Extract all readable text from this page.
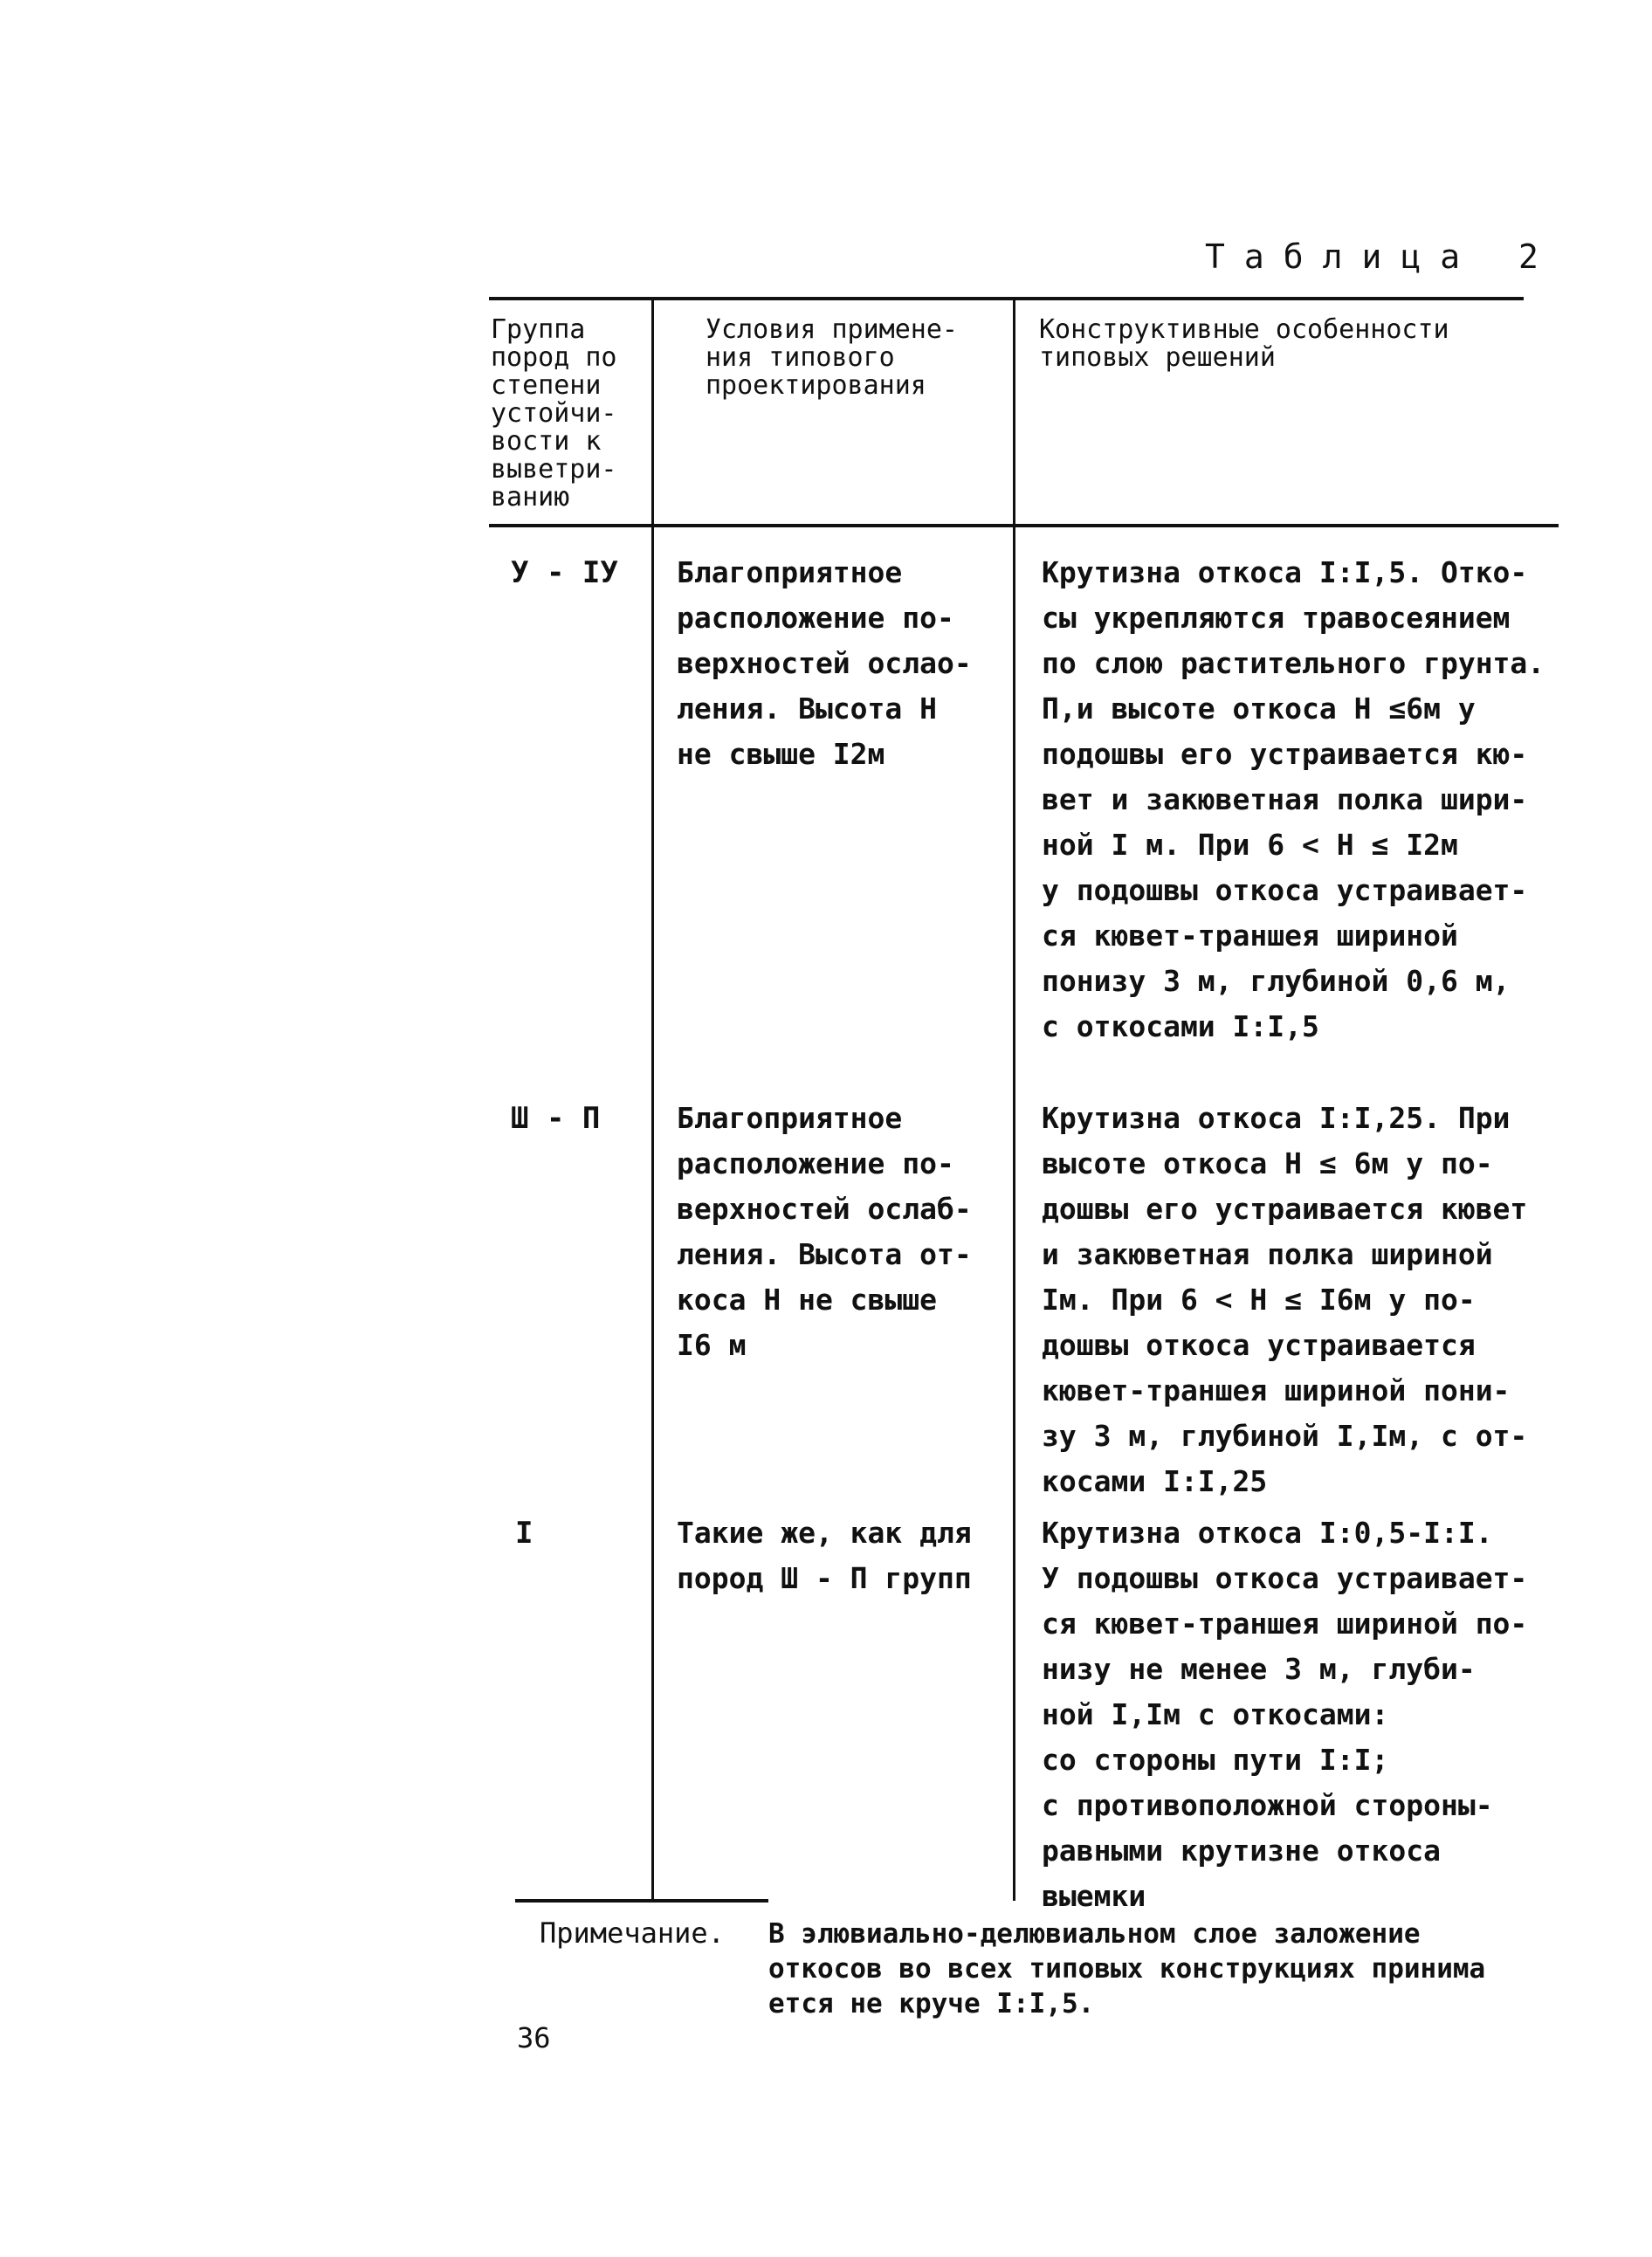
Таблица 2
Группа
пород по
степени
устойчи-
вости к
выветри-
ванию
Условия примене-
ния типового
проектирования
Конструктивные особенности
типовых решений
У - IУ Благоприятное
расположение по-
верхностей ослао-
ления. Высота Н
не свыше I2м
Крутизна откоса I:I,5. Отко-
сы укрепляются травосеянием
по слою растительного грунта.
П,и высоте откоса Н ≤6м у
подошвы его устраивается кю-
вет и закюветная полка шири-
ной I м. При 6 < Н ≤ I2м
у подошвы откоса устраивает-
ся кювет-траншея шириной
понизу 3 м, глубиной 0,6 м,
с откосами I:I,5
Ш - П	Благоприятное
расположение по-
верхностей ослаб-
ления. Высота от-
коса Н не свыше
I6 м
Крутизна откоса I:I,25. При
высоте откоса Н ≤ 6м у по-
дошвы его устраивается кювет
и закюветная полка шириной
Iм. При 6 < Н ≤ I6м у по-
дошвы откоса устраивается
кювет-траншея шириной пони-
зу 3 м, глубиной I,Iм, с от-
косами I:I,25
I	Такие же, как для
пород Ш - П групп
Крутизна откоса I:0,5-I:I.
У подошвы откоса устраивает-
ся кювет-траншея шириной по-
низу не менее 3 м, глуби-
ной I,Iм с откосами:
со стороны пути I:I;
с противоположной стороны-
равными крутизне откоса
выемки
Примечание. В элювиально-делювиальном слое заложение
откосов во всех типовых конструкциях принима
ется не круче I:I,5.
36
